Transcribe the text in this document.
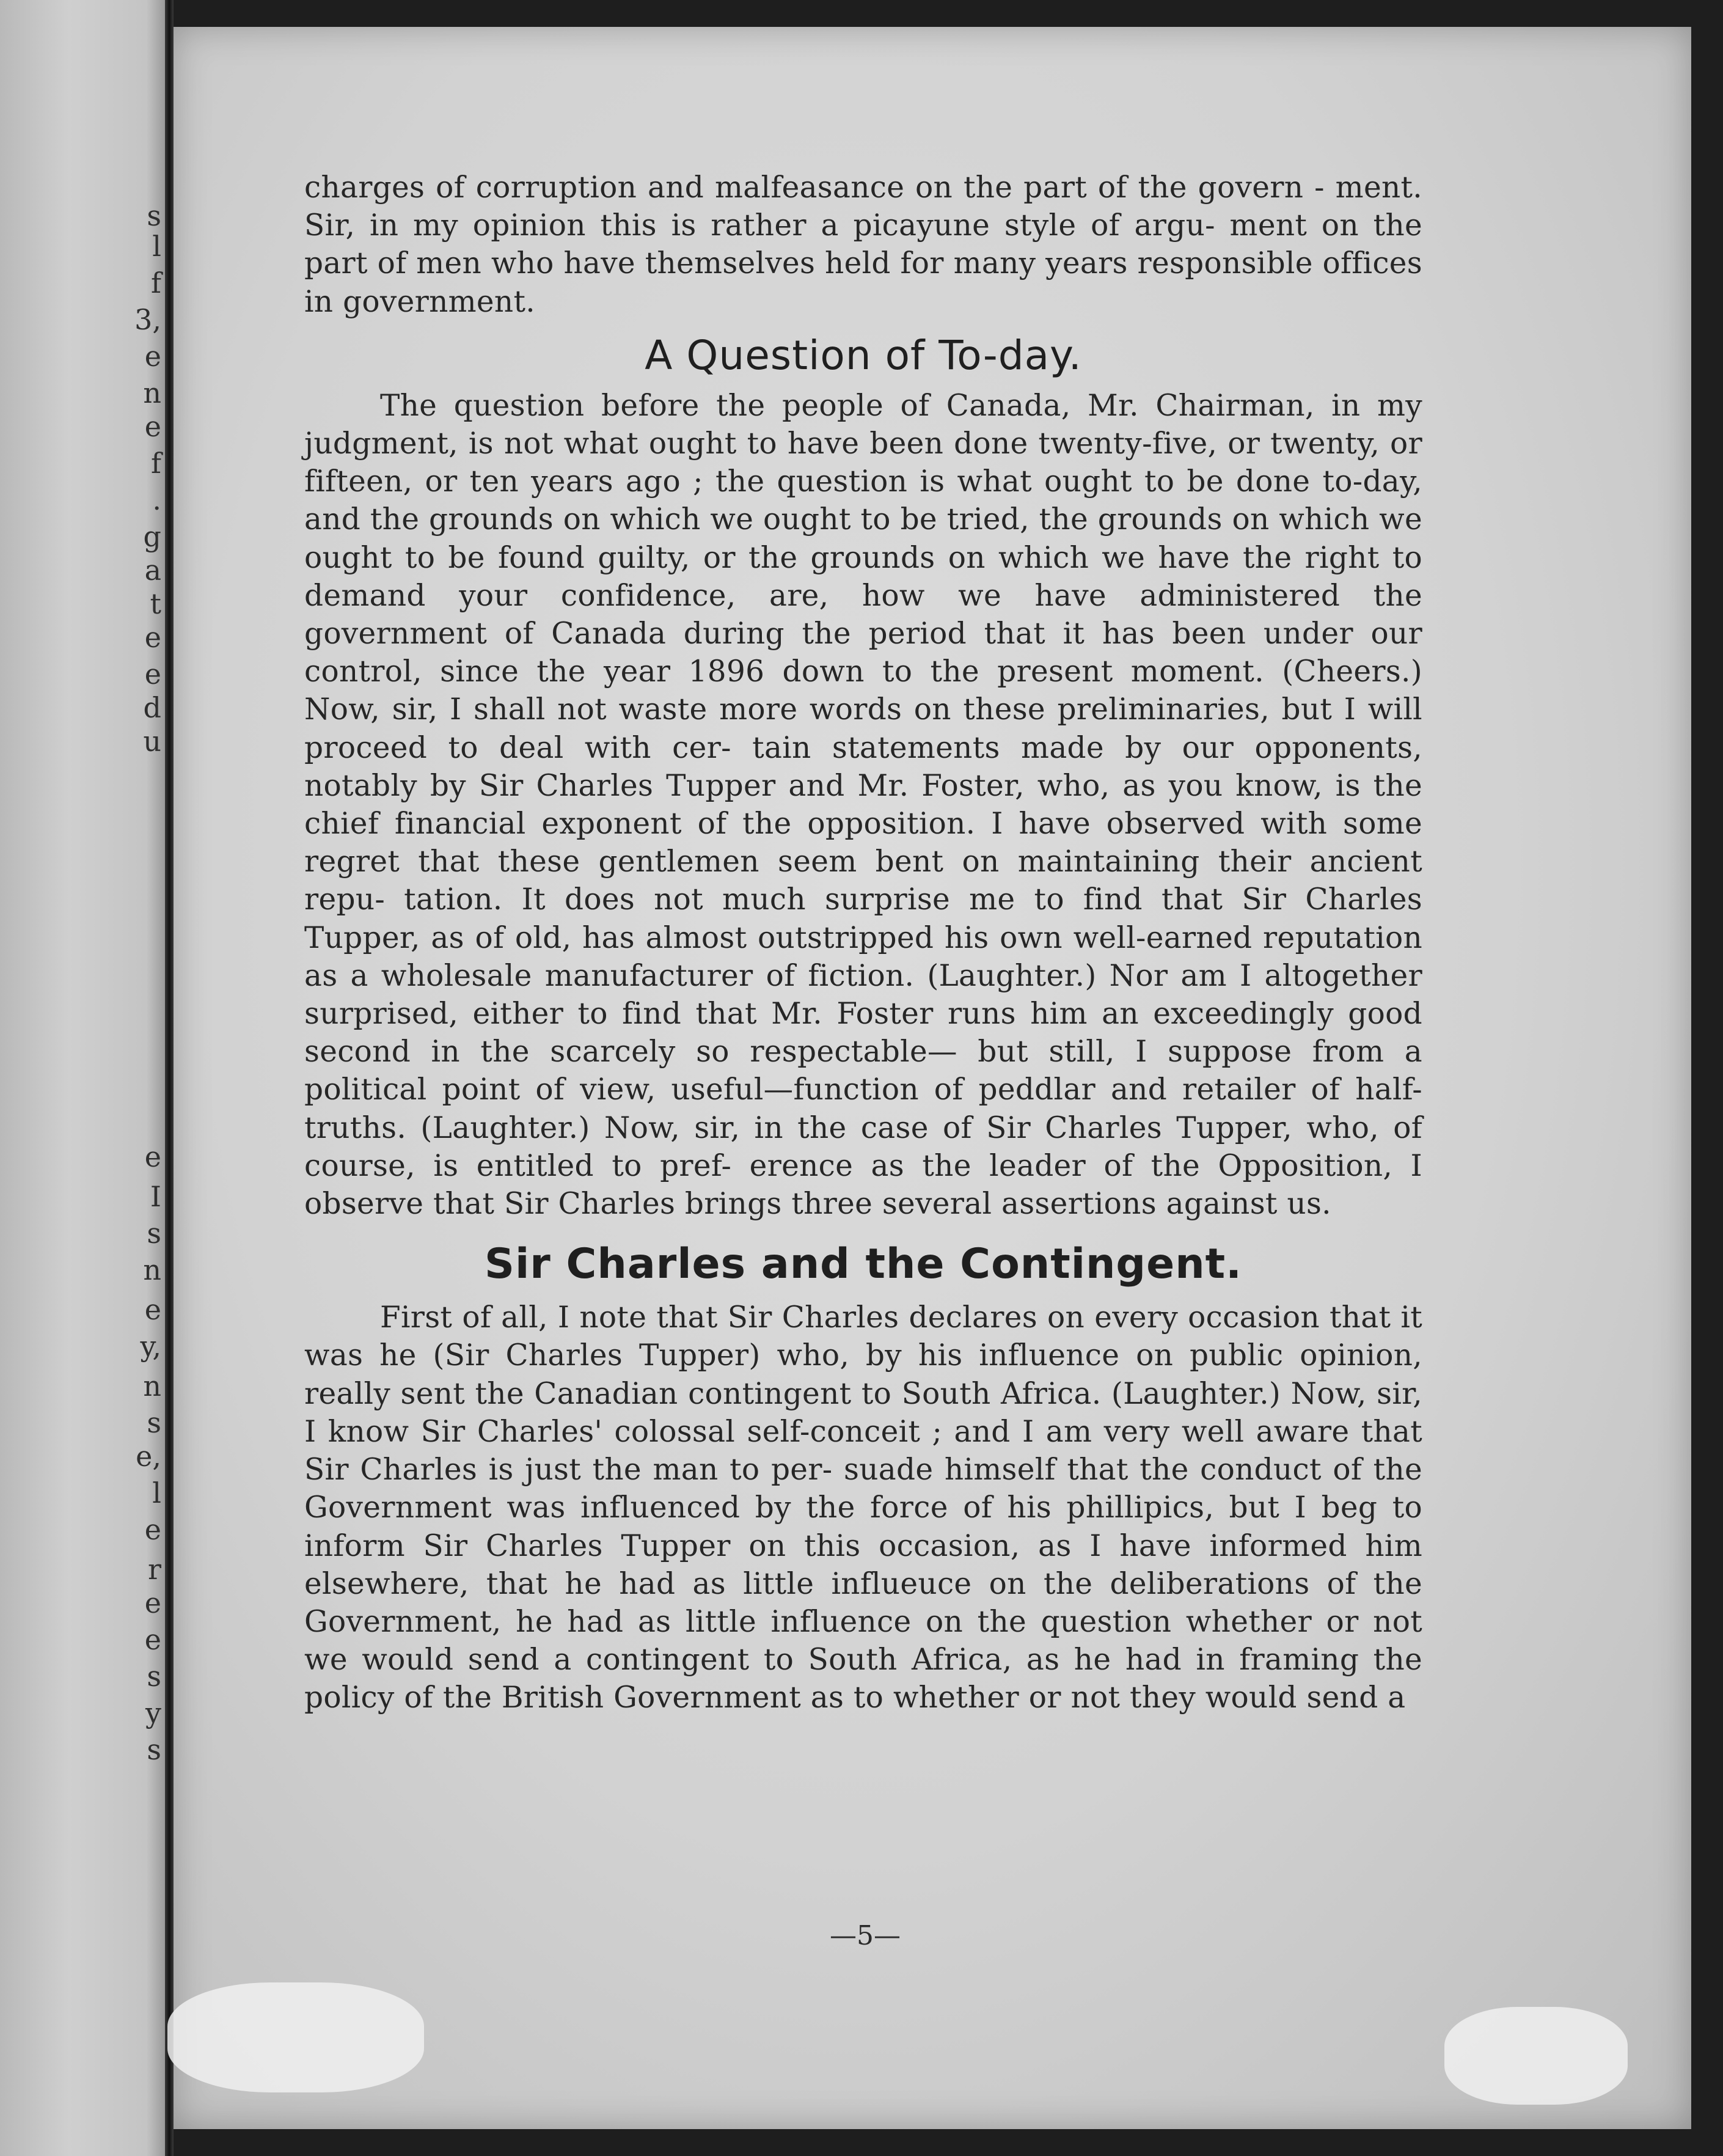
s
l
f
3,
e
n
e
f
.
g
a
t
e
e
d
u
e
I
s
n
e
y,
n
s
e,
l
e
r
e
e
s
y
s

charges of corruption and malfeasance on the part of the govern - ment. Sir, in my opinion this is rather a picayune style of argu- ment on the part of men who have themselves held for many years responsible offices in government.

A Question of To-day.

The question before the people of Canada, Mr. Chairman, in my judgment, is not what ought to have been done twenty-five, or twenty, or fifteen, or ten years ago ; the question is what ought to be done to-day, and the grounds on which we ought to be tried, the grounds on which we ought to be found guilty, or the grounds on which we have the right to demand your confidence, are, how we have administered the government of Canada during the period that it has been under our control, since the year 1896 down to the present moment. (Cheers.) Now, sir, I shall not waste more words on these preliminaries, but I will proceed to deal with cer- tain statements made by our opponents, notably by Sir Charles Tupper and Mr. Foster, who, as you know, is the chief financial exponent of the opposition. I have observed with some regret that these gentlemen seem bent on maintaining their ancient repu- tation. It does not much surprise me to find that Sir Charles Tupper, as of old, has almost outstripped his own well-earned reputation as a wholesale manufacturer of fiction. (Laughter.) Nor am I altogether surprised, either to find that Mr. Foster runs him an exceedingly good second in the scarcely so respectable— but still, I suppose from a political point of view, useful—function of peddlar and retailer of half-truths. (Laughter.) Now, sir, in the case of Sir Charles Tupper, who, of course, is entitled to pref- erence as the leader of the Opposition, I observe that Sir Charles brings three several assertions against us.

Sir Charles and the Contingent.

First of all, I note that Sir Charles declares on every occasion that it was he (Sir Charles Tupper) who, by his influence on public opinion, really sent the Canadian contingent to South Africa. (Laughter.) Now, sir, I know Sir Charles' colossal self-conceit ; and I am very well aware that Sir Charles is just the man to per- suade himself that the conduct of the Government was influenced by the force of his phillipics, but I beg to inform Sir Charles Tupper on this occasion, as I have informed him elsewhere, that he had as little influeuce on the deliberations of the Government, he had as little influence on the question whether or not we would send a contingent to South Africa, as he had in framing the policy of the British Government as to whether or not they would send a

—5—
